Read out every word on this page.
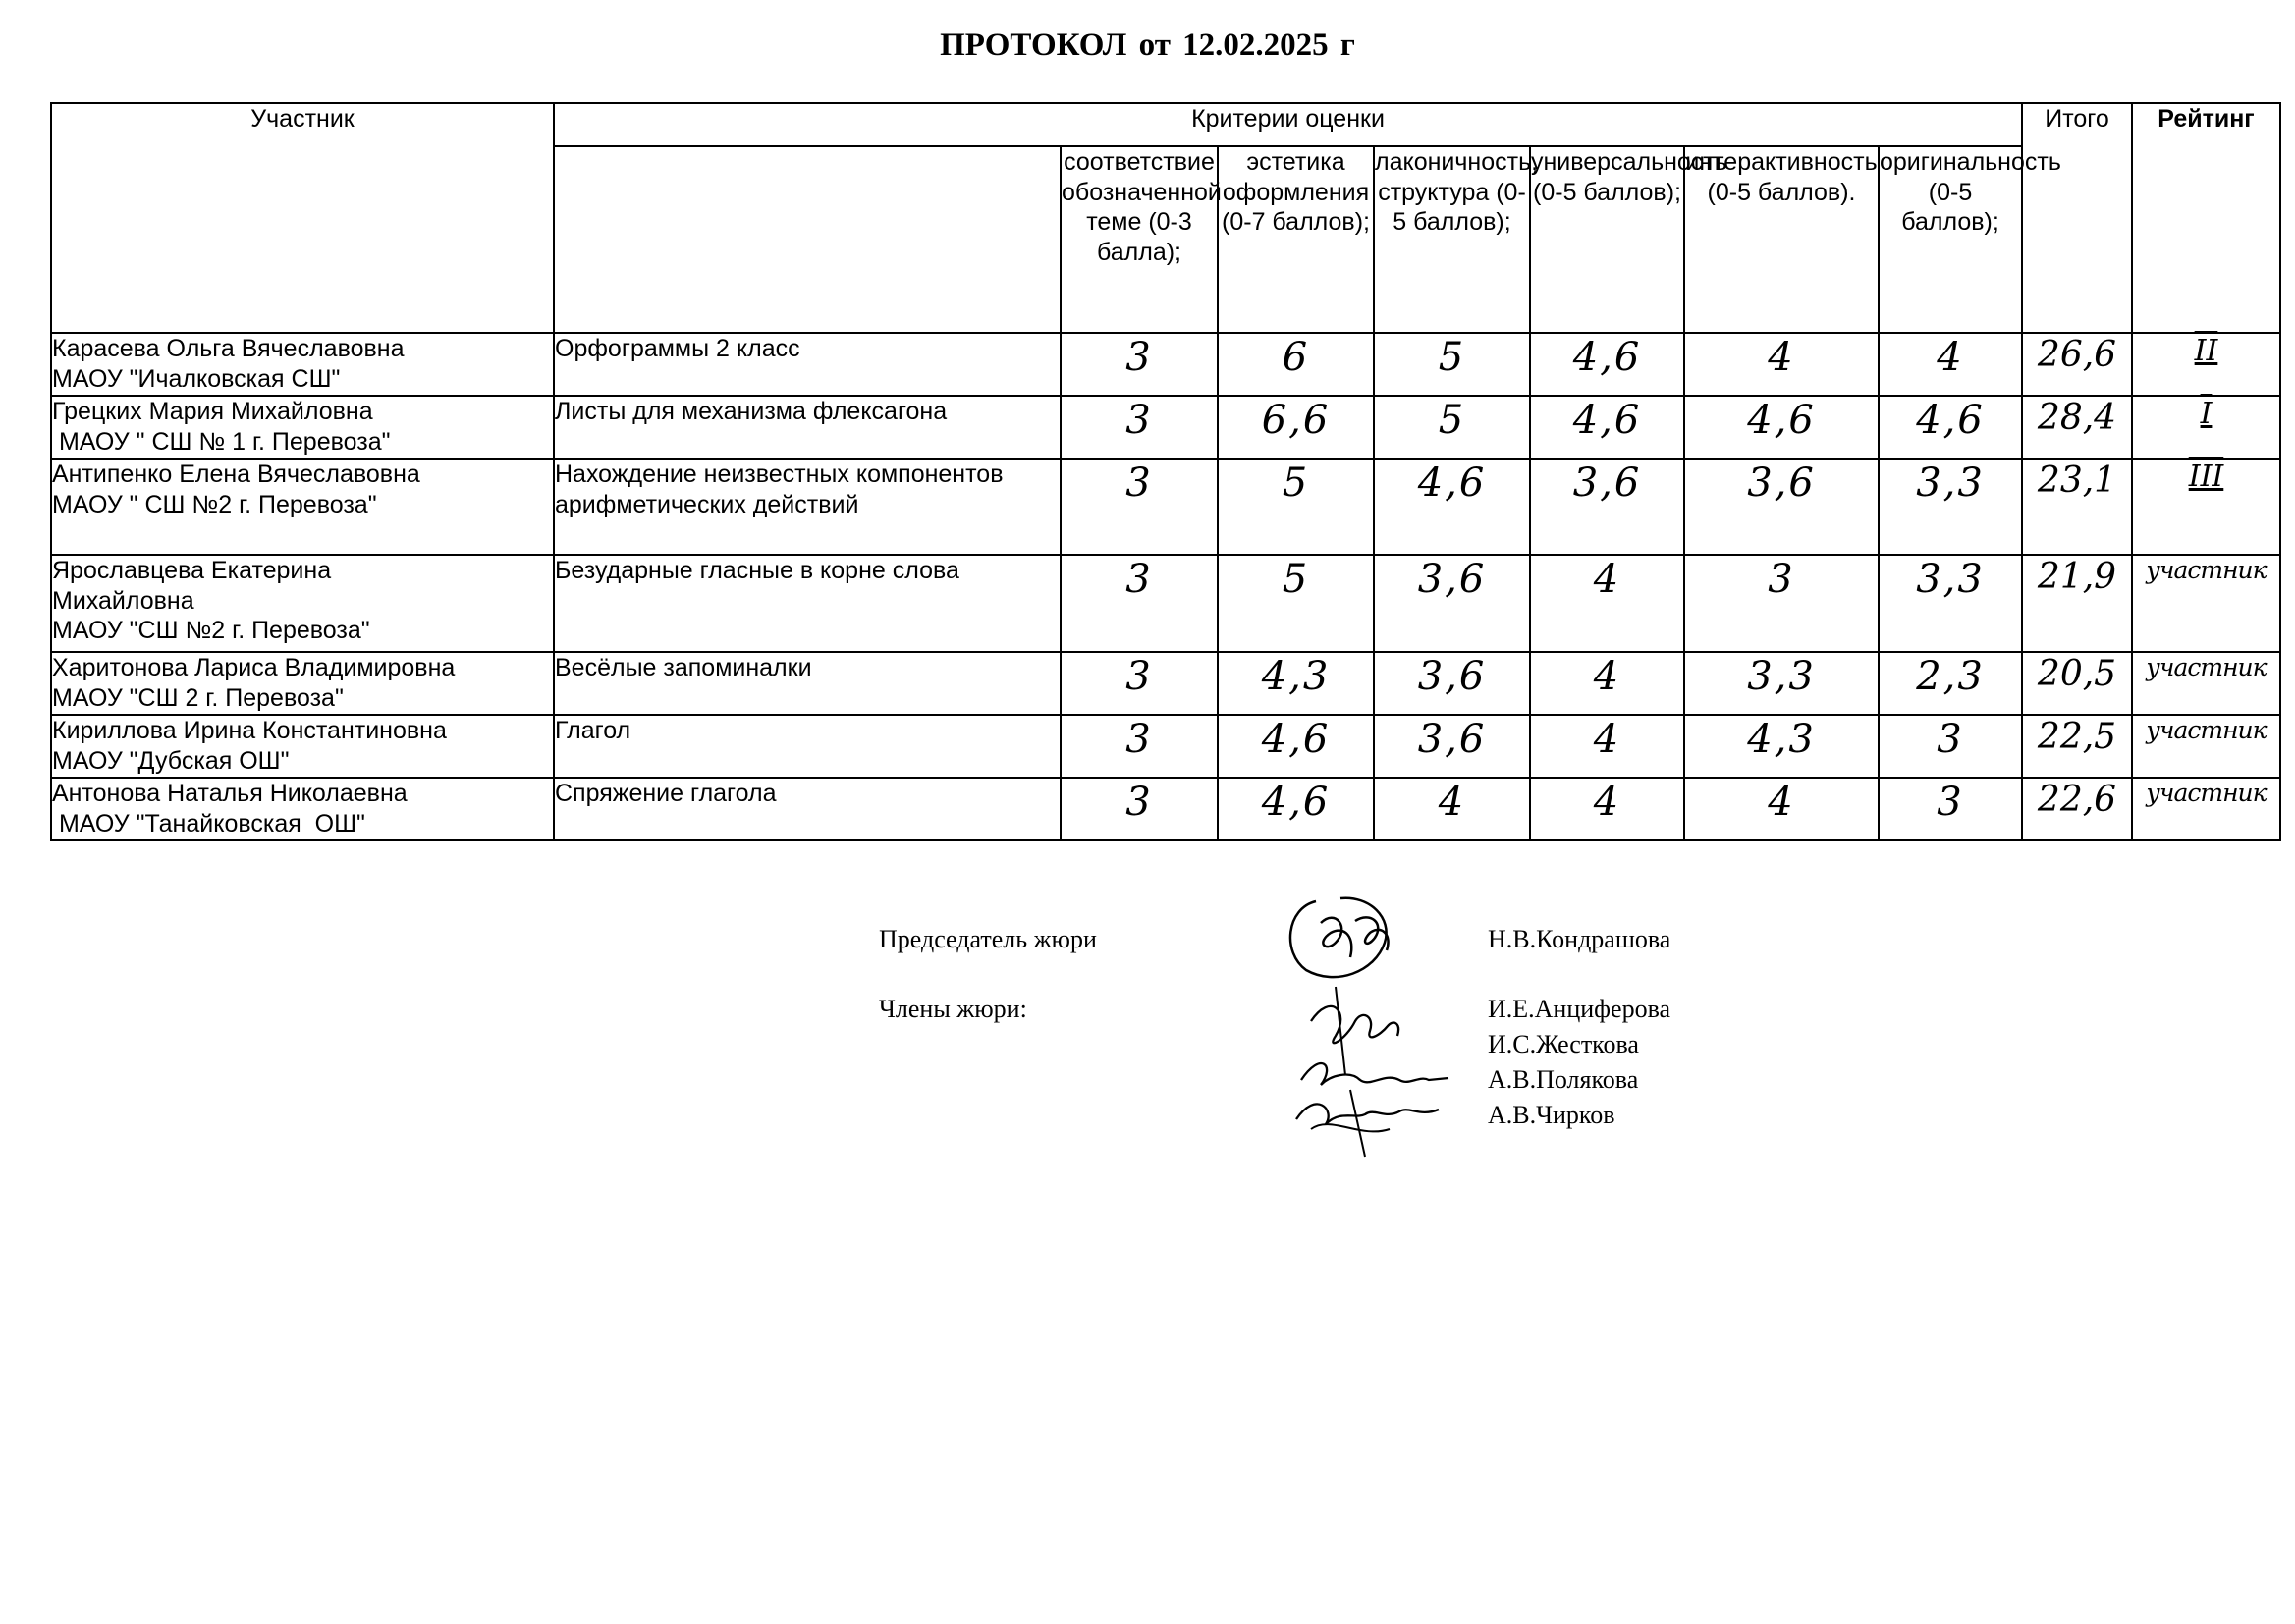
ПРОТОКОЛ от 12.02.2025 г
Участник	Критерии оценки							Итого	Рейтинг
		соответствие обозначенной теме (0-3 балла);	эстетика оформления (0-7 баллов);	лаконичность, структура (0-5 баллов);	универсальность (0-5 баллов);	интерактивность (0-5 баллов).	оригинальность (0-5 баллов);		

Карасева Ольга Вячеславовна
МАОУ "Ичалковская СШ"	Орфограммы 2 класс	3	6	5	4,6	4	4	26,6	II

Грецких Мария Михайловна
МАОУ " СШ № 1 г. Перевоза"	Листы для механизма флексагона	3	6,6	5	4,6	4,6	4,6	28,4	I

Антипенко Елена Вячеславовна
МАОУ " СШ №2 г. Перевоза"	Нахождение неизвестных компонентов арифметических действий	3	5	4,6	3,6	3,6	3,3	23,1	III

Ярославцева Екатерина Михайловна
МАОУ "СШ №2 г. Перевоза"	Безударные гласные в корне слова	3	5	3,6	4	3	3,3	21,9	участник

Харитонова Лариса Владимировна
МАОУ "СШ 2 г. Перевоза"	Весёлые запоминалки	3	4,3	3,6	4	3,3	2,3	20,5	участник

Кириллова Ирина Константиновна
МАОУ "Дубская ОШ"	Глагол	3	4,6	3,6	4	4,3	3	22,5	участник

Антонова Наталья Николаевна
МАОУ "Танайковская  ОШ"	Спряжение глагола	3	4,6	4	4	4	3	22,6	участник
Председатель жюри	Н.В.Кондрашова
Члены жюри:	И.Е.Анциферова
И.С.Жесткова
А.В.Полякова
А.В.Чирков
